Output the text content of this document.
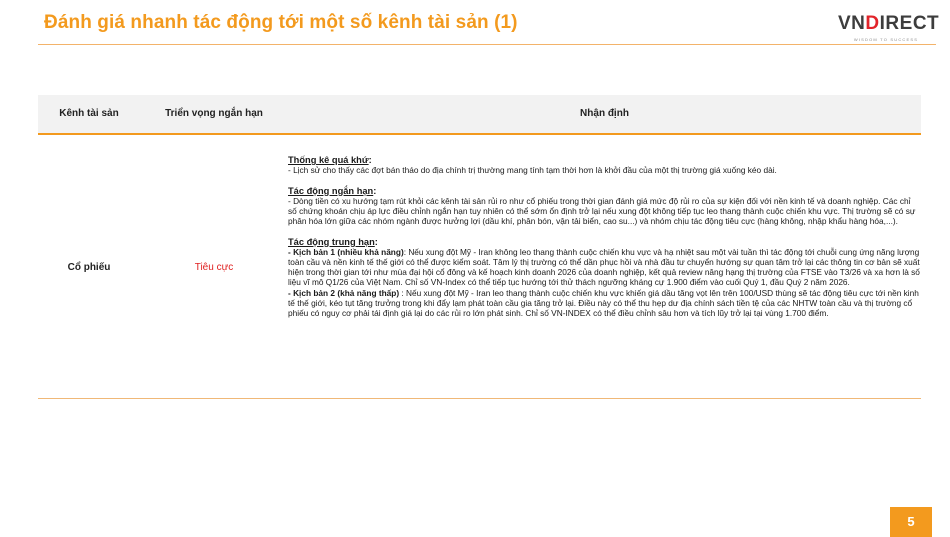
Đánh giá nhanh tác động tới một số kênh tài sản (1)	VNDIRECT
WISDOM TO SUCCESS
Kênh tài sản	Triển vọng ngắn hạn	Nhận định
Cổ phiếu	Tiêu cực
Thống kê quá khứ:
- Lịch sử cho thấy các đợt bán tháo do địa chính trị thường mang tính tạm thời hơn là khởi đầu của một thị trường giá xuống kéo dài.
Tác động ngắn hạn:
- Dòng tiền có xu hướng tạm rút khỏi các kênh tài sản rủi ro như cổ phiếu trong thời gian đánh giá mức độ rủi ro của sự kiện đối với nền kinh tế và doanh nghiệp. Các chỉ số chứng khoán chịu áp lực điều chỉnh ngắn hạn tuy nhiên có thể sớm ổn định trở lại nếu xung đột không tiếp tục leo thang thành cuộc chiến khu vực. Thị trường sẽ có sự phân hóa lớn giữa các nhóm ngành được hưởng lợi (dầu khí, phân bón, vận tải biển, cao su...) và nhóm chịu tác động tiêu cực (hàng không, nhập khẩu hàng hóa,...).
Tác động trung hạn:
- Kịch bản 1 (nhiều khả năng): Nếu xung đột Mỹ - Iran không leo thang thành cuộc chiến khu vực và hạ nhiệt sau một vài tuần thì tác động tới chuỗi cung ứng năng lượng toàn cầu và nền kinh tế thế giới có thể được kiểm soát. Tâm lý thị trường có thể dần phục hồi và nhà đầu tư chuyển hướng sự quan tâm trở lại các thông tin cơ bản sẽ xuất hiện trong thời gian tới như mùa đại hội cổ đông và kế hoạch kinh doanh 2026 của doanh nghiệp, kết quả review nâng hạng thị trường của FTSE vào T3/26 và xa hơn là số liệu vĩ mô Q1/26 của Việt Nam. Chỉ số VN-Index có thể tiếp tục hướng tới thử thách ngưỡng kháng cự 1.900 điểm vào cuối Quý 1, đầu Quý 2 năm 2026.
- Kịch bản 2 (khả năng thấp) : Nếu xung đột Mỹ - Iran leo thang thành cuộc chiến khu vực khiến giá dầu tăng vọt lên trên 100/USD thùng sẽ tác động tiêu cực tới nền kinh tế thế giới, kéo tụt tăng trưởng trong khi đẩy lạm phát toàn cầu gia tăng trở lại. Điều này có thể thu hẹp dư địa chính sách tiền tệ của các NHTW toàn cầu và thị trường cổ phiếu có nguy cơ phải tái định giá lại do các rủi ro lớn phát sinh. Chỉ số VN-INDEX có thể điều chỉnh sâu hơn và tích lũy trở lại tại vùng 1.700 điểm.
5
